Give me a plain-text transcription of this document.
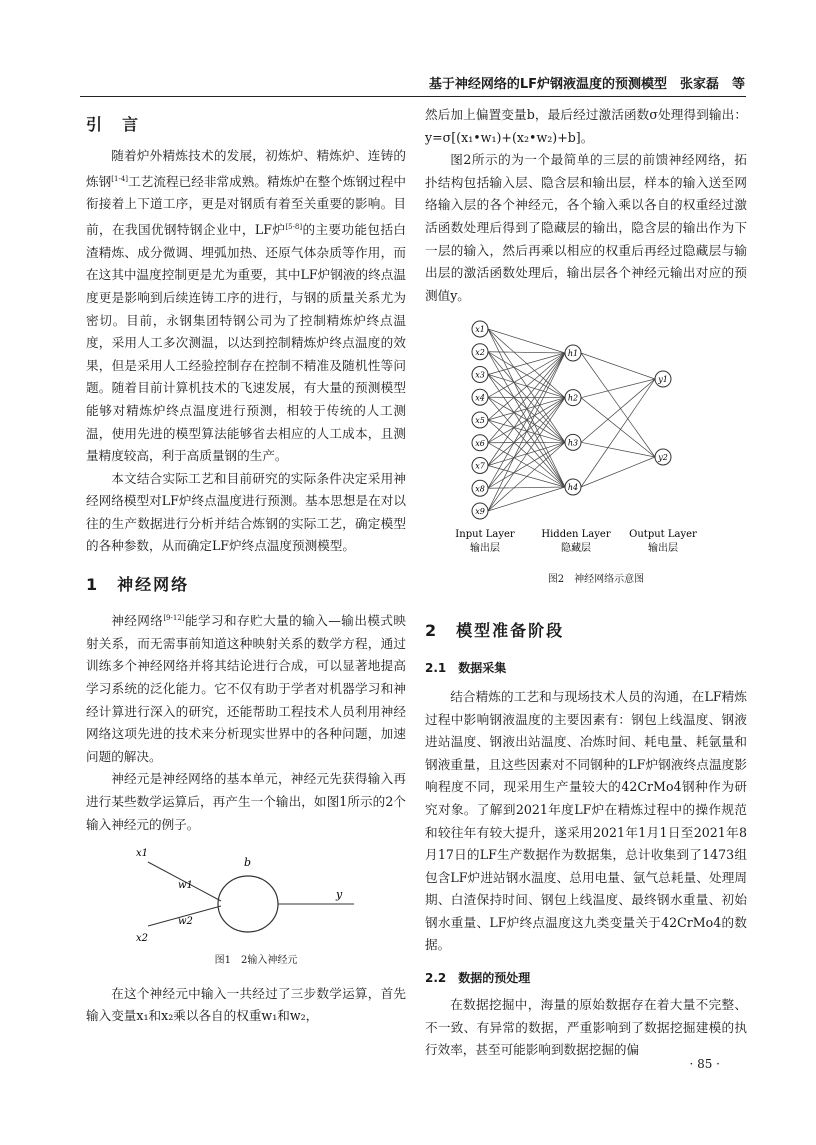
基于神经网络的LF炉钢液温度的预测模型　张家磊　等
引　言

随着炉外精炼技术的发展，初炼炉、精炼炉、连铸的炼钢[1-4]工艺流程已经非常成熟。精炼炉在整个炼钢过程中衔接着上下道工序，更是对钢质有着至关重要的影响。目前，在我国优钢特钢企业中，LF炉[5-8]的主要功能包括白渣精炼、成分微调、埋弧加热、还原气体杂质等作用，而在这其中温度控制更是尤为重要，其中LF炉钢液的终点温度更是影响到后续连铸工序的进行，与钢的质量关系尤为密切。目前，永钢集团特钢公司为了控制精炼炉终点温度，采用人工多次测温，以达到控制精炼炉终点温度的效果，但是采用人工经验控制存在控制不精准及随机性等问题。随着目前计算机技术的飞速发展，有大量的预测模型能够对精炼炉终点温度进行预测，相较于传统的人工测温，使用先进的模型算法能够省去相应的人工成本，且测量精度较高，利于高质量钢的生产。

本文结合实际工艺和目前研究的实际条件决定采用神经网络模型对LF炉终点温度进行预测。基本思想是在对以往的生产数据进行分析并结合炼钢的实际工艺，确定模型的各种参数，从而确定LF炉终点温度预测模型。

1　神经网络

神经网络[9-12]能学习和存贮大量的输入—输出模式映射关系，而无需事前知道这种映射关系的数学方程，通过训练多个神经网络并将其结论进行合成，可以显著地提高学习系统的泛化能力。它不仅有助于学者对机器学习和神经计算进行深入的研究，还能帮助工程技术人员利用神经网络这项先进的技术来分析现实世界中的各种问题，加速问题的解决。

神经元是神经网络的基本单元，神经元先获得输入再进行某些数学运算后，再产生一个输出，如图1所示的2个输入神经元的例子。

x1
x2
w1
w2
b
y

图1　2输入神经元

在这个神经元中输入一共经过了三步数学运算，首先输入变量x₁和x₂乘以各自的权重w₁和w₂，

然后加上偏置变量b，最后经过激活函数σ处理得到输出：y=σ[(x₁•w₁)+(x₂•w₂)+b]。

图2所示的为一个最简单的三层的前馈神经网络，拓扑结构包括输入层、隐含层和输出层，样本的输入送至网络输入层的各个神经元，各个输入乘以各自的权重经过激活函数处理后得到了隐藏层的输出，隐含层的输出作为下一层的输入，然后再乘以相应的权重后再经过隐藏层与输出层的激活函数处理后，输出层各个神经元输出对应的预测值y。

x1
x2
x3
x4
x5
x6
x7
x8
x9
h1
h2
h3
h4
y1
y2
Input Layer
输出层
Hidden Layer
隐藏层
Output Layer
输出层

图2　神经网络示意图

2　模型准备阶段
2.1　数据采集

结合精炼的工艺和与现场技术人员的沟通，在LF精炼过程中影响钢液温度的主要因素有：钢包上线温度、钢液进站温度、钢液出站温度、冶炼时间、耗电量、耗氩量和钢液重量，且这些因素对不同钢种的LF炉钢液终点温度影响程度不同，现采用生产量较大的42CrMo4钢种作为研究对象。了解到2021年度LF炉在精炼过程中的操作规范和较往年有较大提升，遂采用2021年1月1日至2021年8月17日的LF生产数据作为数据集，总计收集到了1473组包含LF炉进站钢水温度、总用电量、氩气总耗量、处理周期、白渣保持时间、钢包上线温度、最终钢水重量、初始钢水重量、LF炉终点温度这九类变量关于42CrMo4的数据。

2.2　数据的预处理

在数据挖掘中，海量的原始数据存在着大量不完整、不一致、有异常的数据，严重影响到了数据挖掘建模的执行效率，甚至可能影响到数据挖掘的偏

· 85 ·
